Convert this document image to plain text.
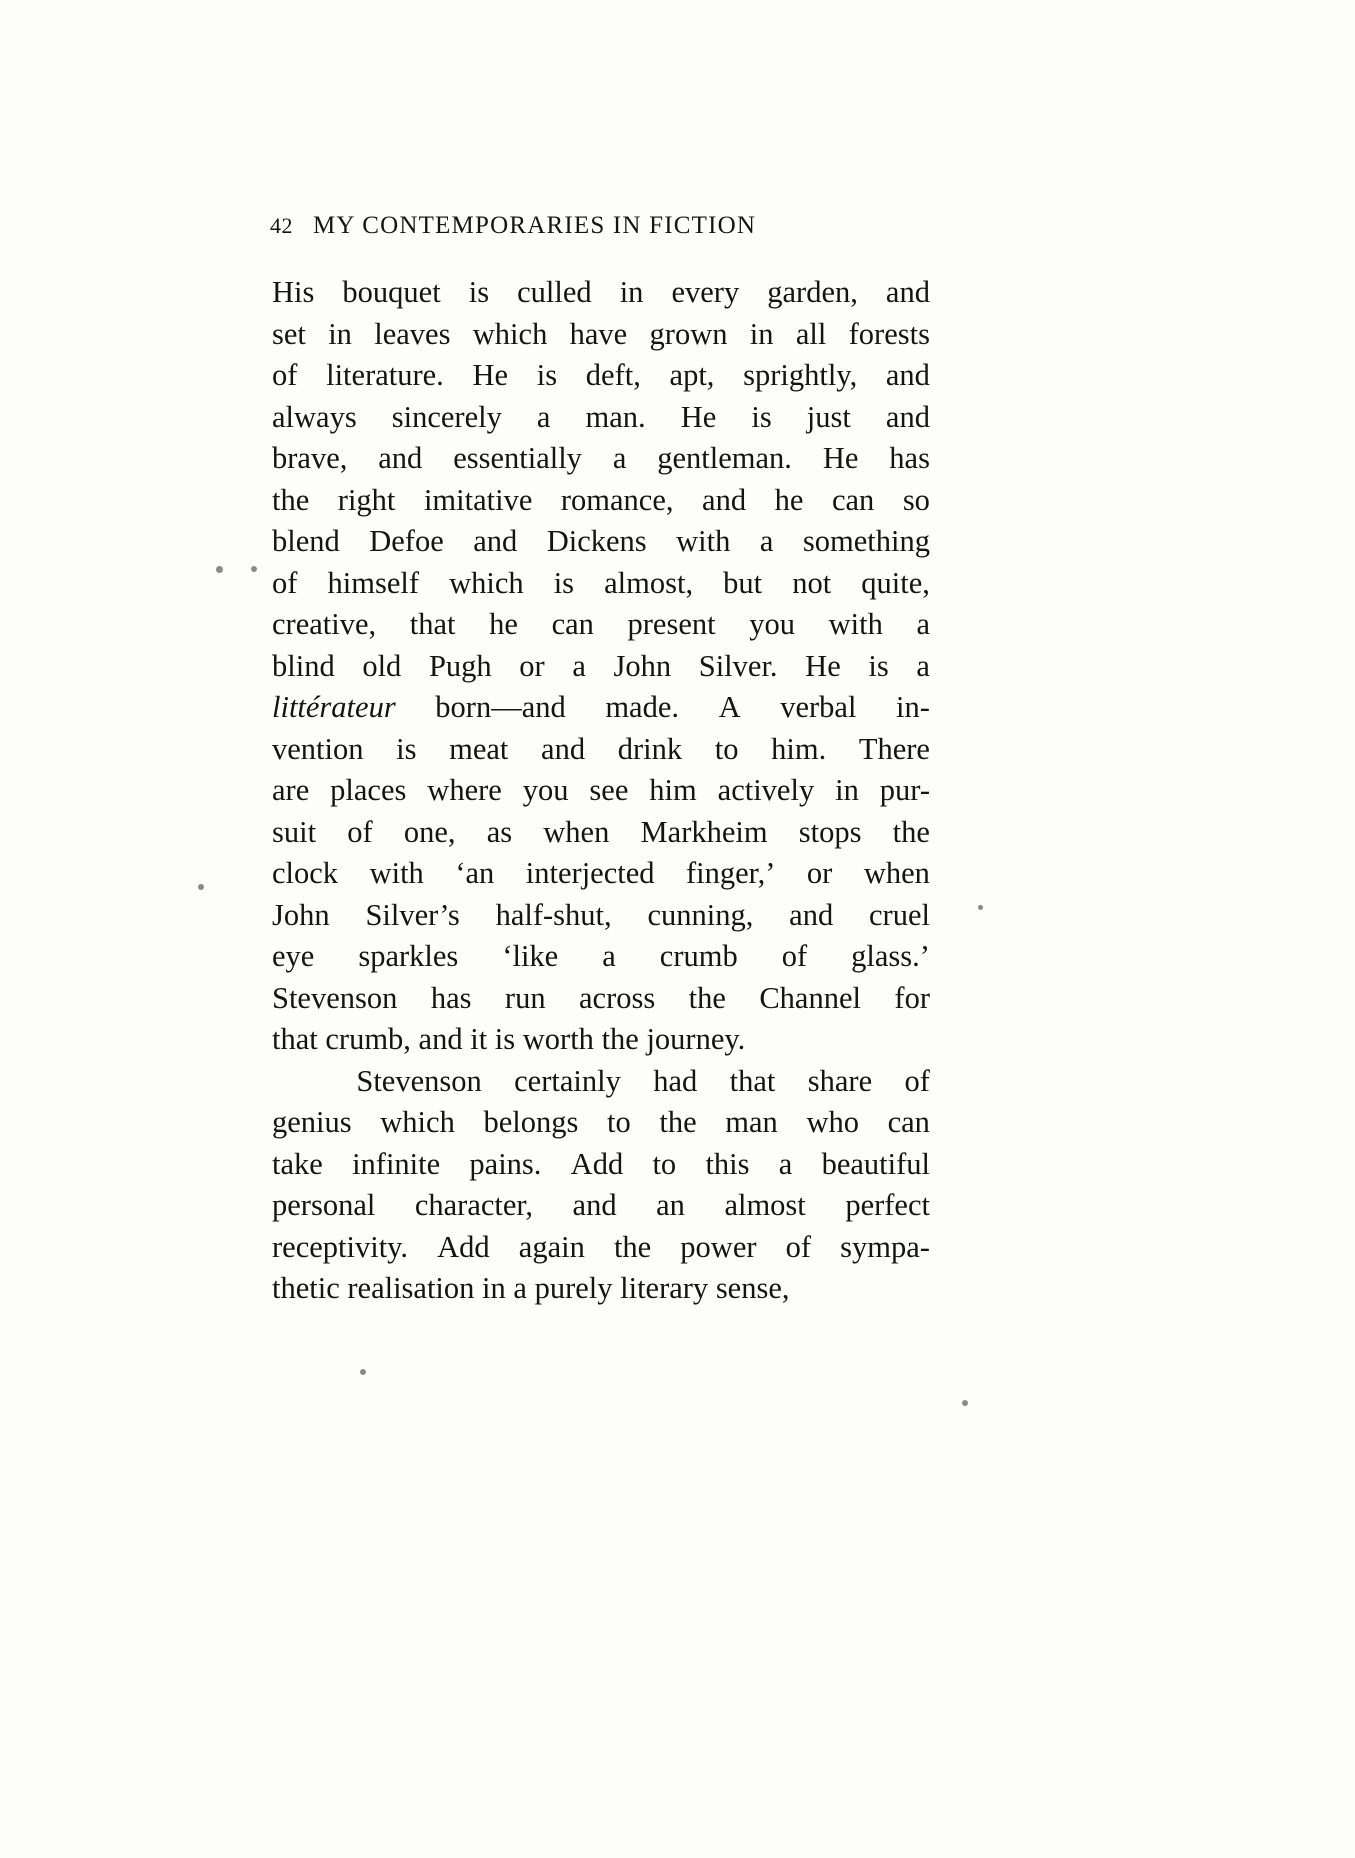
42 MY CONTEMPORARIES IN FICTION

His bouquet is culled in every garden, and
set in leaves which have grown in all forests
of literature. He is deft, apt, sprightly, and
always sincerely a man. He is just and
brave, and essentially a gentleman. He has
the right imitative romance, and he can so
blend Defoe and Dickens with a something
of himself which is almost, but not quite,
creative, that he can present you with a
blind old Pugh or a John Silver. He is a
littérateur born—and made. A verbal in-
vention is meat and drink to him. There
are places where you see him actively in pur-
suit of one, as when Markheim stops the
clock with ‘an interjected finger,’ or when
John Silver’s half-shut, cunning, and cruel
eye sparkles ‘like a crumb of glass.’
Stevenson has run across the Channel for
that crumb, and it is worth the journey.

Stevenson certainly had that share of
genius which belongs to the man who can
take infinite pains. Add to this a beautiful
personal character, and an almost perfect
receptivity. Add again the power of sympa-
thetic realisation in a purely literary sense,
